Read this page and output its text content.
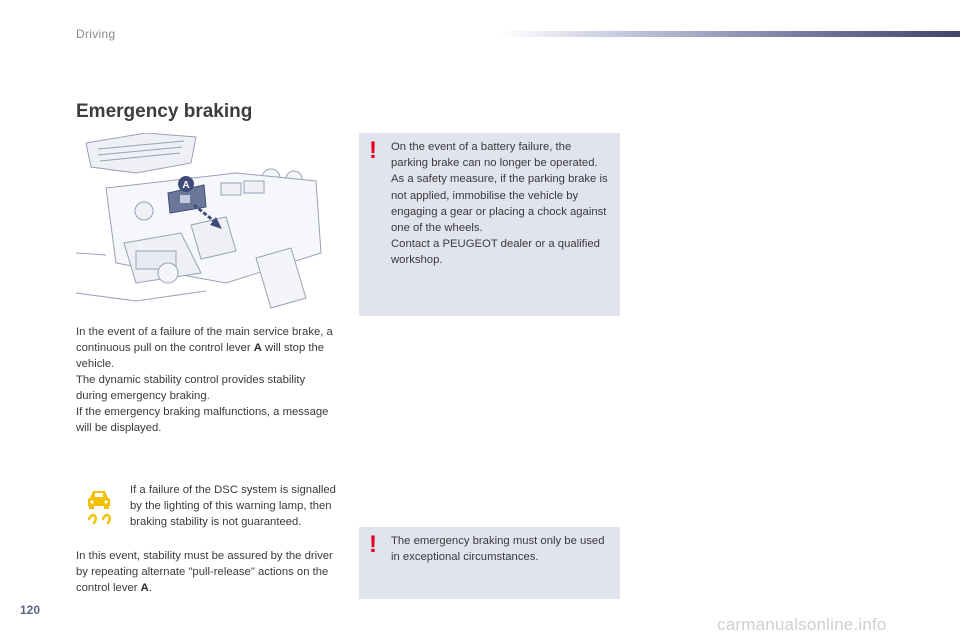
Driving
Emergency braking
A

In the event of a failure of the main service brake, a continuous pull on the control lever A will stop the vehicle.

The dynamic stability control provides stability during emergency braking.

If the emergency braking malfunctions, a message will be displayed.

If a failure of the DSC system is signalled by the lighting of this warning lamp, then braking stability is not guaranteed.

In this event, stability must be assured by the driver by repeating alternate "pull-release" actions on the control lever A.

! On the event of a battery failure, the parking brake can no longer be operated.

As a safety measure, if the parking brake is not applied, immobilise the vehicle by engaging a gear or placing a chock against one of the wheels.

Contact a PEUGEOT dealer or a qualified workshop.

! The emergency braking must only be used in exceptional circumstances.
120
carmanualsonline.info
